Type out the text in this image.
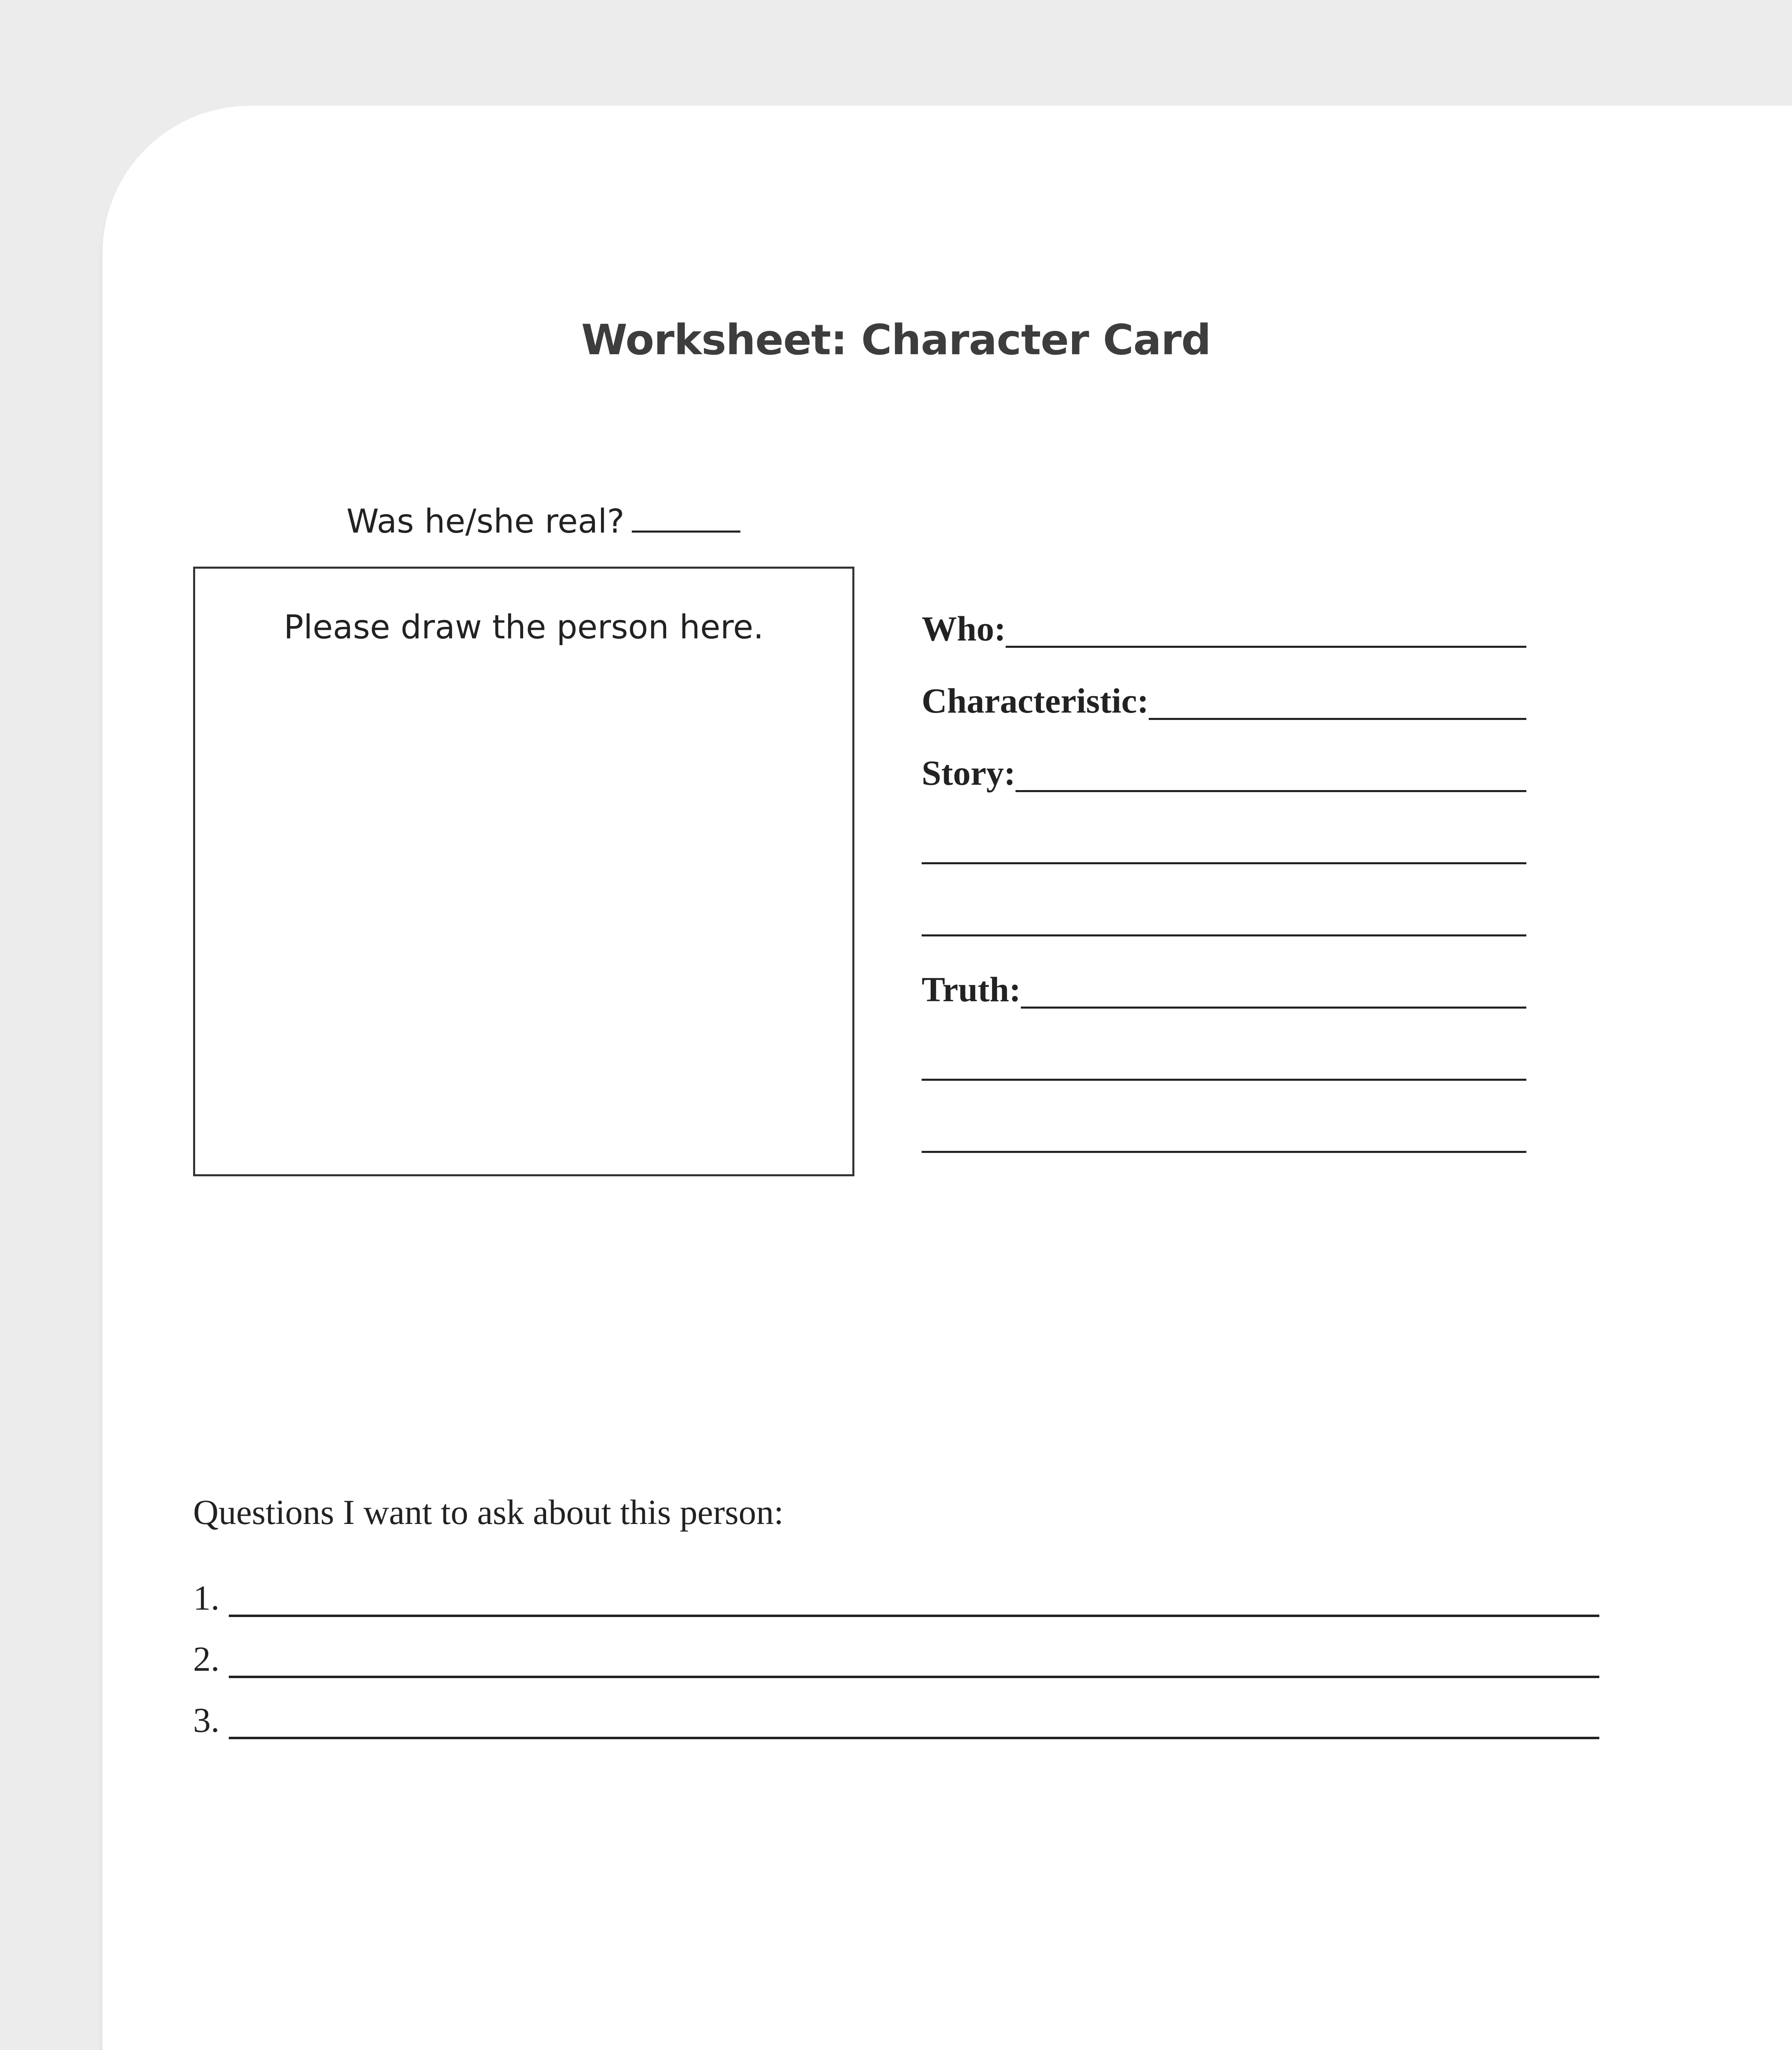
Worksheet: Character Card
Was he/she real?
Please draw the person here.	Who:
Characteristic:
Story:
Truth:
Questions I want to ask about this person:
1.
2.
3.
